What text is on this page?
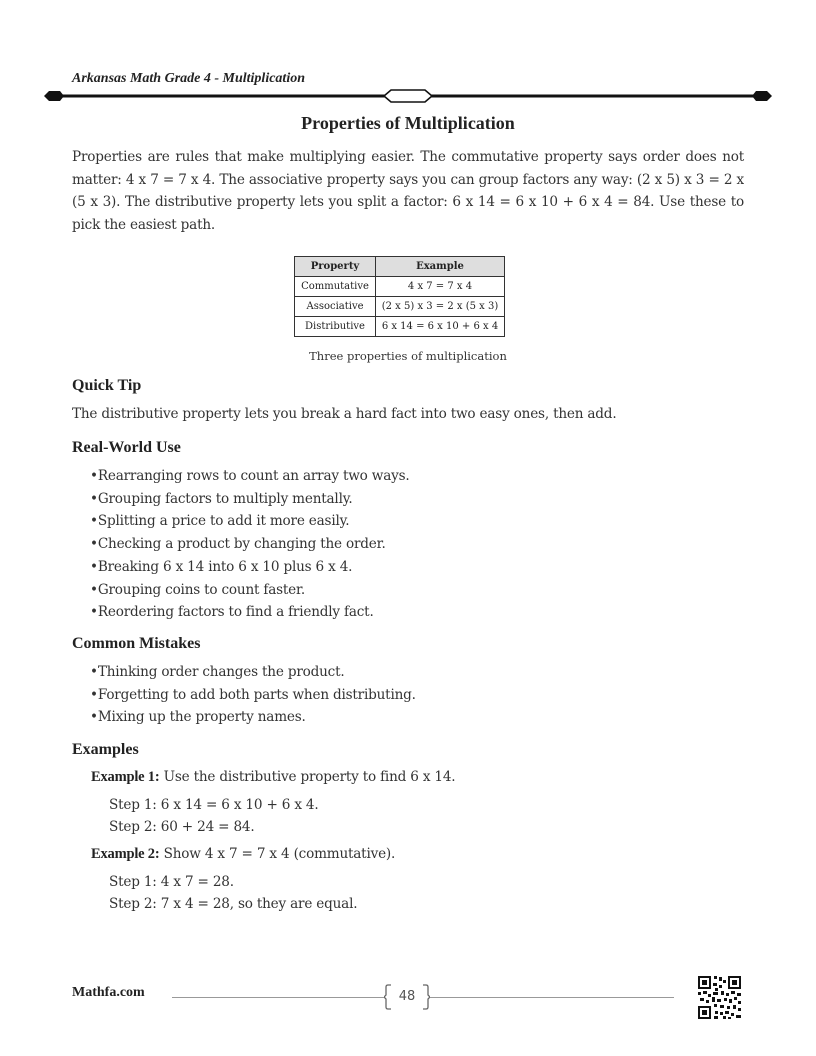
Arkansas Math Grade 4 - Multiplication
Properties of Multiplication
Properties are rules that make multiplying easier. The commutative property says order does not matter: 4 x 7 = 7 x 4. The associative property says you can group factors any way: (2 x 5) x 3 = 2 x (5 x 3). The distributive property lets you split a factor: 6 x 14 = 6 x 10 + 6 x 4 = 84. Use these to pick the easiest path.
Property	Example
Commutative	4 x 7 = 7 x 4
Associative	(2 x 5) x 3 = 2 x (5 x 3)
Distributive	6 x 14 = 6 x 10 + 6 x 4
Three properties of multiplication
Quick Tip
The distributive property lets you break a hard fact into two easy ones, then add.
Real-World Use
• Rearranging rows to count an array two ways.
• Grouping factors to multiply mentally.
• Splitting a price to add it more easily.
• Checking a product by changing the order.
• Breaking 6 x 14 into 6 x 10 plus 6 x 4.
• Grouping coins to count faster.
• Reordering factors to find a friendly fact.
Common Mistakes
• Thinking order changes the product.
• Forgetting to add both parts when distributing.
• Mixing up the property names.
Examples
Example 1: Use the distributive property to find 6 x 14.
Step 1: 6 x 14 = 6 x 10 + 6 x 4.
Step 2: 60 + 24 = 84.
Example 2: Show 4 x 7 = 7 x 4 (commutative).
Step 1: 4 x 7 = 28.
Step 2: 7 x 4 = 28, so they are equal.
Mathfa.com	48
